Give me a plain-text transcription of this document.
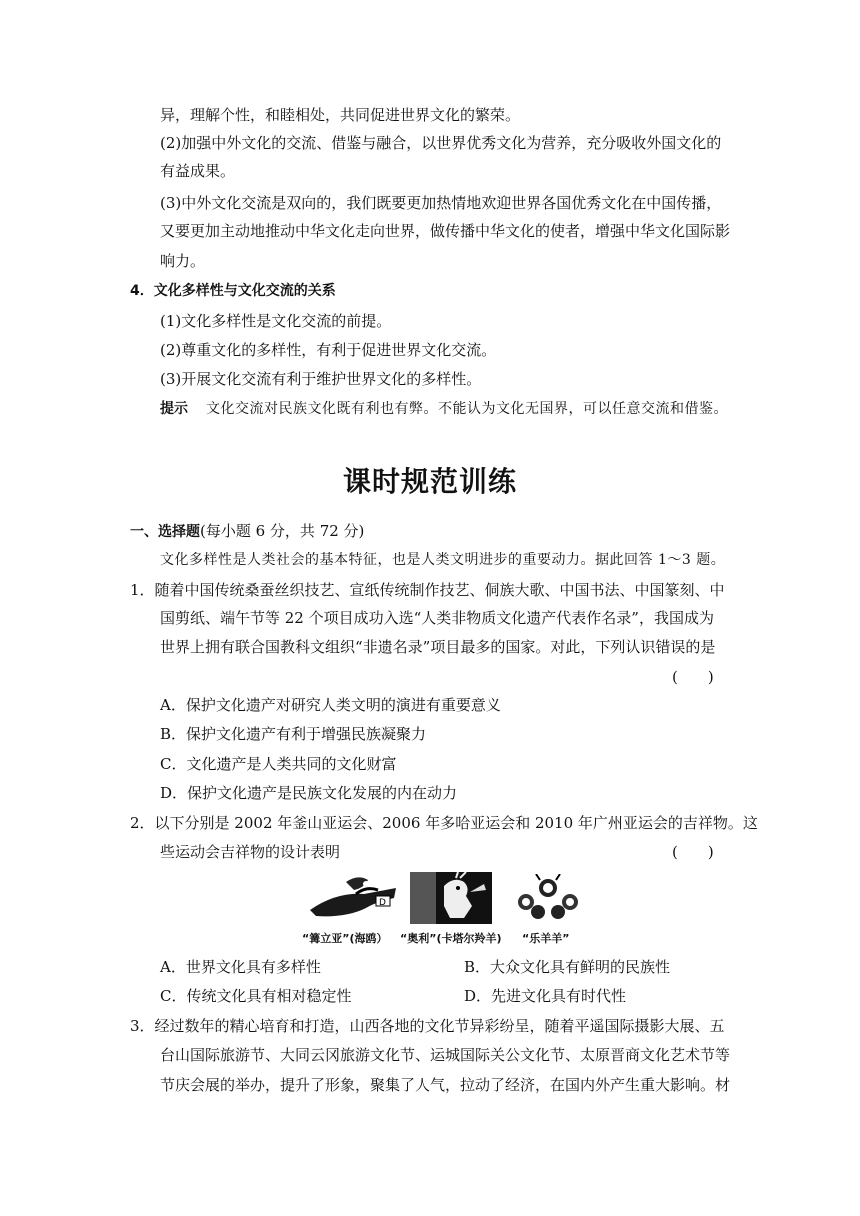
异，理解个性，和睦相处，共同促进世界文化的繁荣。
(2)加强中外文化的交流、借鉴与融合，以世界优秀文化为营养，充分吸收外国文化的
有益成果。
(3)中外文化交流是双向的，我们既要更加热情地欢迎世界各国优秀文化在中国传播，
又要更加主动地推动中华文化走向世界，做传播中华文化的使者，增强中华文化国际影
响力。
4．文化多样性与文化交流的关系
(1)文化多样性是文化交流的前提。
(2)尊重文化的多样性，有利于促进世界文化交流。
(3)开展文化交流有利于维护世界文化的多样性。
提示 文化交流对民族文化既有利也有弊。不能认为文化无国界，可以任意交流和借鉴。
课时规范训练
一、选择题(每小题 6 分，共 72 分)
文化多样性是人类社会的基本特征，也是人类文明进步的重要动力。据此回答 1～3 题。
1．随着中国传统桑蚕丝织技艺、宣纸传统制作技艺、侗族大歌、中国书法、中国篆刻、中
国剪纸、端午节等 22 个项目成功入选“人类非物质文化遗产代表作名录”，我国成为
世界上拥有联合国教科文组织“非遗名录”项目最多的国家。对此，下列认识错误的是
(　　)
A．保护文化遗产对研究人类文明的演进有重要意义
B．保护文化遗产有利于增强民族凝聚力
C．文化遗产是人类共同的文化财富
D．保护文化遗产是民族文化发展的内在动力
2．以下分别是 2002 年釜山亚运会、2006 年多哈亚运会和 2010 年广州亚运会的吉祥物。这
些运动会吉祥物的设计表明	(　　)
D
“篝立亚”(海鸥） “奥利”(卡塔尔羚羊) “乐羊羊”
A．世界文化具有多样性	B．大众文化具有鲜明的民族性
C．传统文化具有相对稳定性	D．先进文化具有时代性
3．经过数年的精心培育和打造，山西各地的文化节异彩纷呈，随着平遥国际摄影大展、五
台山国际旅游节、大同云冈旅游文化节、运城国际关公文化节、太原晋商文化艺术节等
节庆会展的举办，提升了形象，聚集了人气，拉动了经济，在国内外产生重大影响。材
